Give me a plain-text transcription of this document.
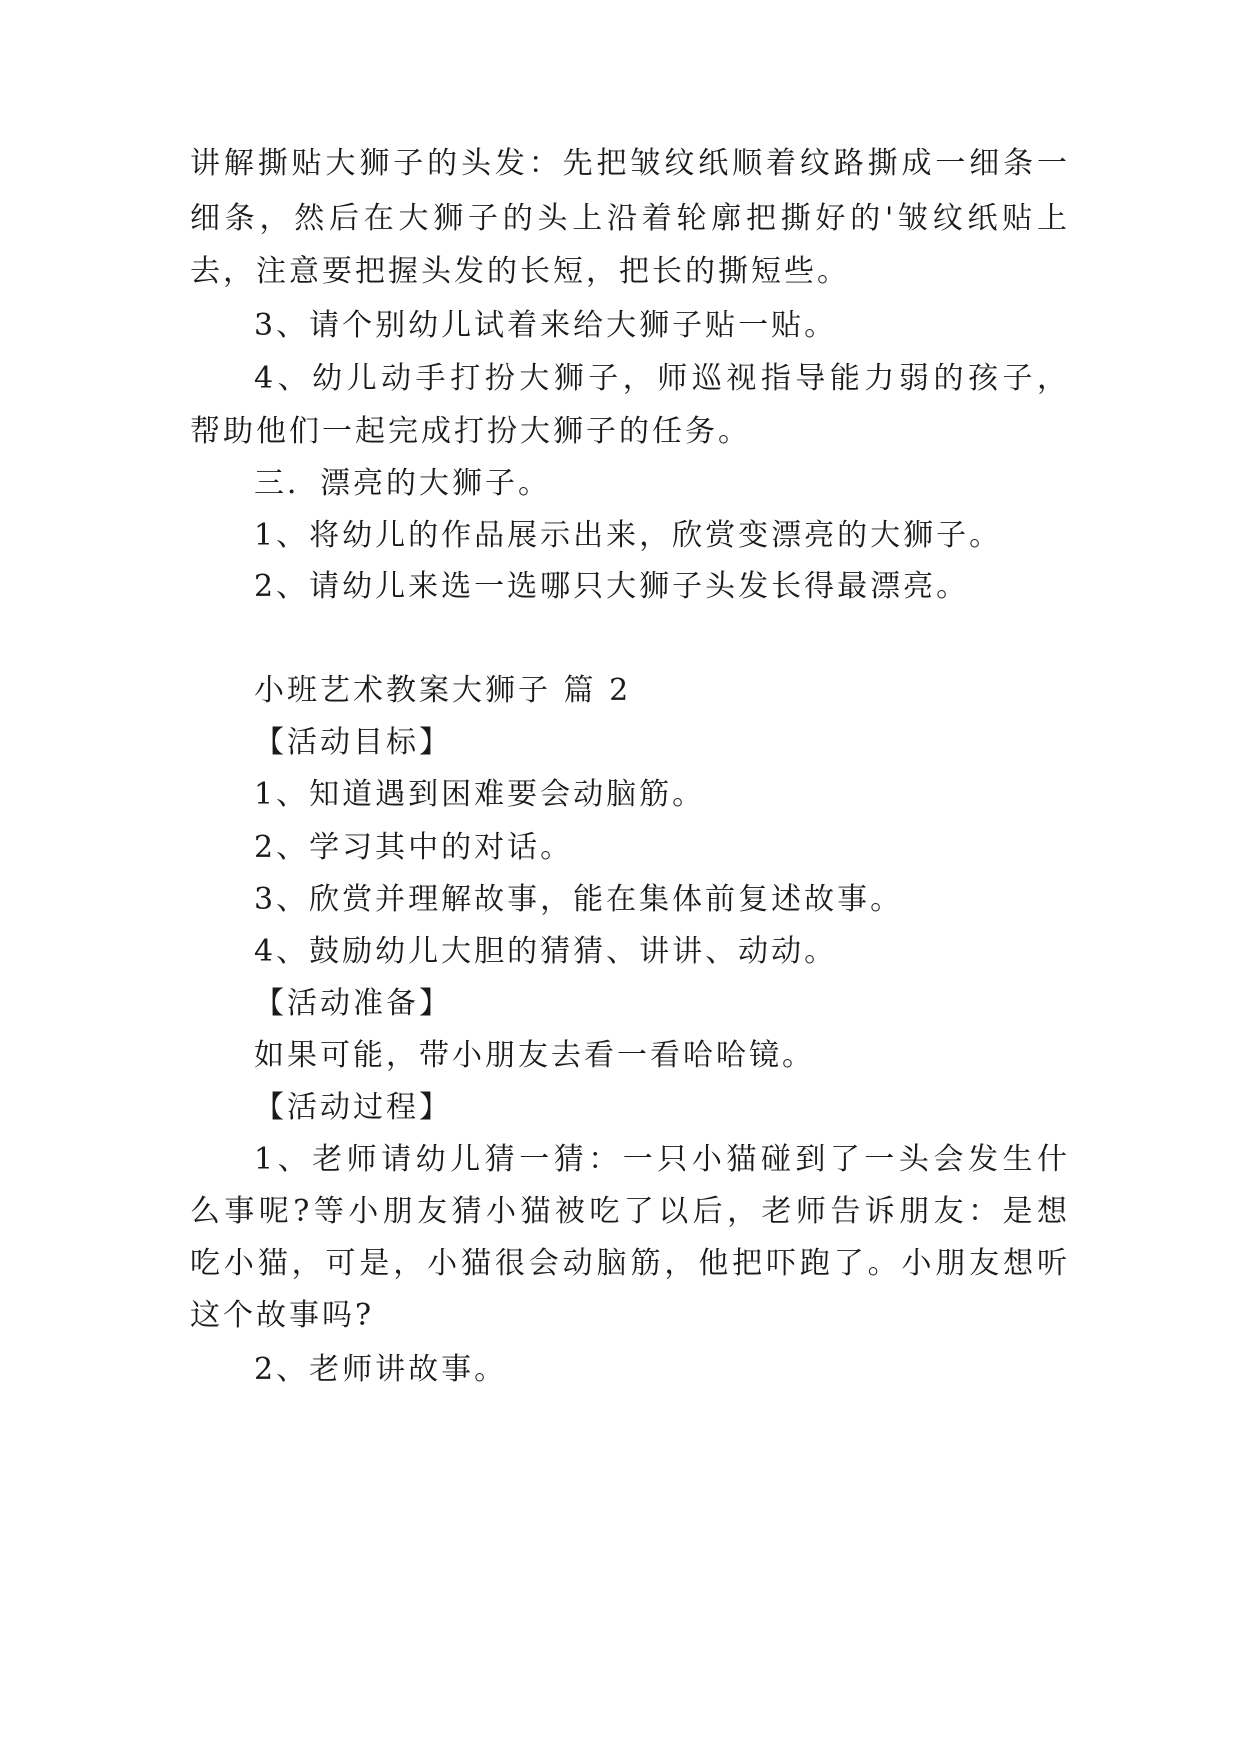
讲解撕贴大狮子的头发：先把皱纹纸顺着纹路撕成一细条一
细条，然后在大狮子的头上沿着轮廓把撕好的'皱纹纸贴上
去，注意要把握头发的长短，把长的撕短些。
3、请个别幼儿试着来给大狮子贴一贴。
4、幼儿动手打扮大狮子，师巡视指导能力弱的孩子，
帮助他们一起完成打扮大狮子的任务。
三．漂亮的大狮子。
1、将幼儿的作品展示出来，欣赏变漂亮的大狮子。
2、请幼儿来选一选哪只大狮子头发长得最漂亮。
小班艺术教案大狮子 篇 2
【活动目标】
1、知道遇到困难要会动脑筋。
2、学习其中的对话。
3、欣赏并理解故事，能在集体前复述故事。
4、鼓励幼儿大胆的猜猜、讲讲、动动。
【活动准备】
如果可能，带小朋友去看一看哈哈镜。
【活动过程】
1、老师请幼儿猜一猜：一只小猫碰到了一头会发生什
么事呢?等小朋友猜小猫被吃了以后，老师告诉朋友：是想
吃小猫，可是，小猫很会动脑筋，他把吓跑了。小朋友想听
这个故事吗?
2、老师讲故事。
